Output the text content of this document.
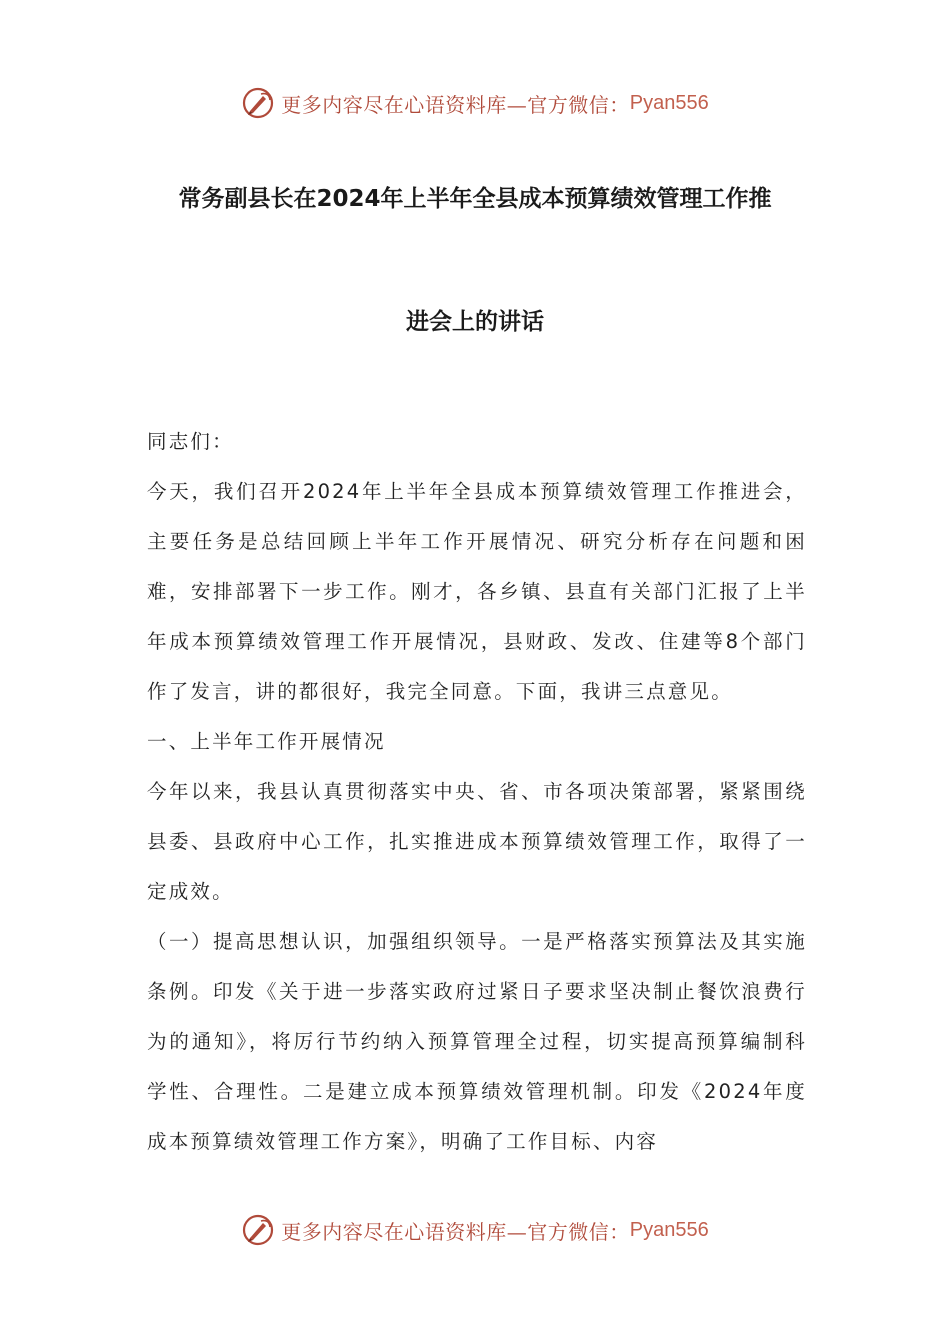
更多内容尽在心语资料库—官方微信： Pyan556
常务副县长在2024年上半年全县成本预算绩效管理工作推
进会上的讲话

同志们：

今天，我们召开2024年上半年全县成本预算绩效管理工作推进会，主要任务是总结回顾上半年工作开展情况、研究分析存在问题和困难，安排部署下一步工作。刚才，各乡镇、县直有关部门汇报了上半年成本预算绩效管理工作开展情况，县财政、发改、住建等8个部门作了发言，讲的都很好，我完全同意。下面，我讲三点意见。

一、上半年工作开展情况

今年以来，我县认真贯彻落实中央、省、市各项决策部署，紧紧围绕县委、县政府中心工作，扎实推进成本预算绩效管理工作，取得了一定成效。

（一）提高思想认识，加强组织领导。一是严格落实预算法及其实施条例。印发《关于进一步落实政府过紧日子要求坚决制止餐饮浪费行为的通知》，将厉行节约纳入预算管理全过程，切实提高预算编制科学性、合理性。二是建立成本预算绩效管理机制。印发《2024年度成本预算绩效管理工作方案》，明确了工作目标、内容

更多内容尽在心语资料库—官方微信： Pyan556
